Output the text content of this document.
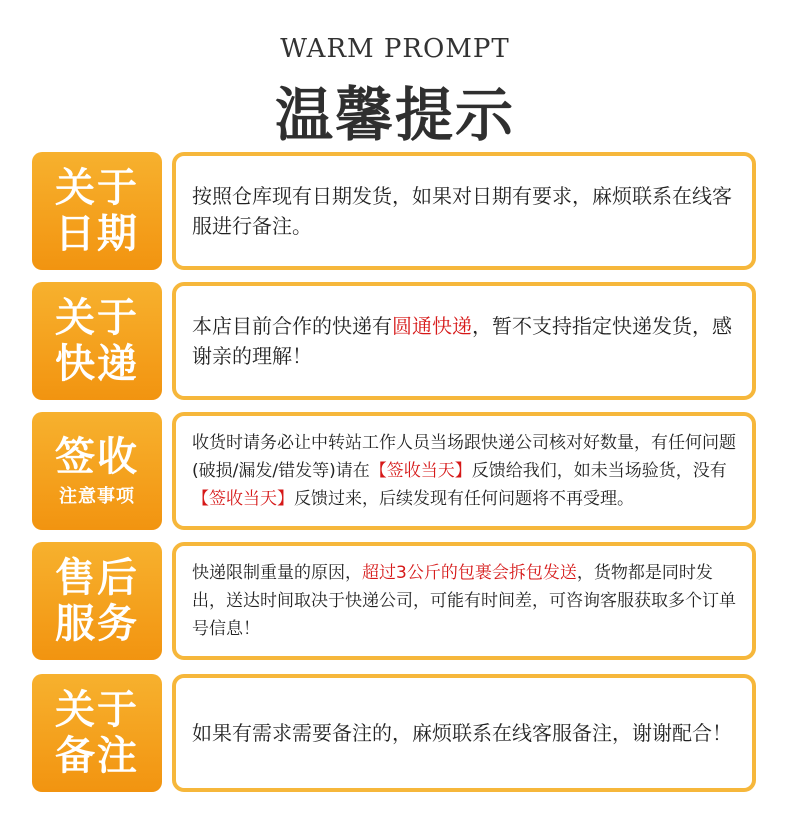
WARM PROMPT
温馨提示
关于
日期
按照仓库现有日期发货，如果对日期有要求，麻烦联系在线客服进行备注。
关于
快递
本店目前合作的快递有圆通快递，暂不支持指定快递发货，感谢亲的理解！
签收
注意事项
收货时请务必让中转站工作人员当场跟快递公司核对好数量，有任何问题(破损/漏发/错发等)请在【签收当天】反馈给我们，如未当场验货，没有【签收当天】反馈过来，后续发现有任何问题将不再受理。
售后
服务
快递限制重量的原因，超过3公斤的包裹会拆包发送，货物都是同时发出，送达时间取决于快递公司，可能有时间差，可咨询客服获取多个订单号信息！
关于
备注	如果有需求需要备注的，麻烦联系在线客服备注，谢谢配合！
